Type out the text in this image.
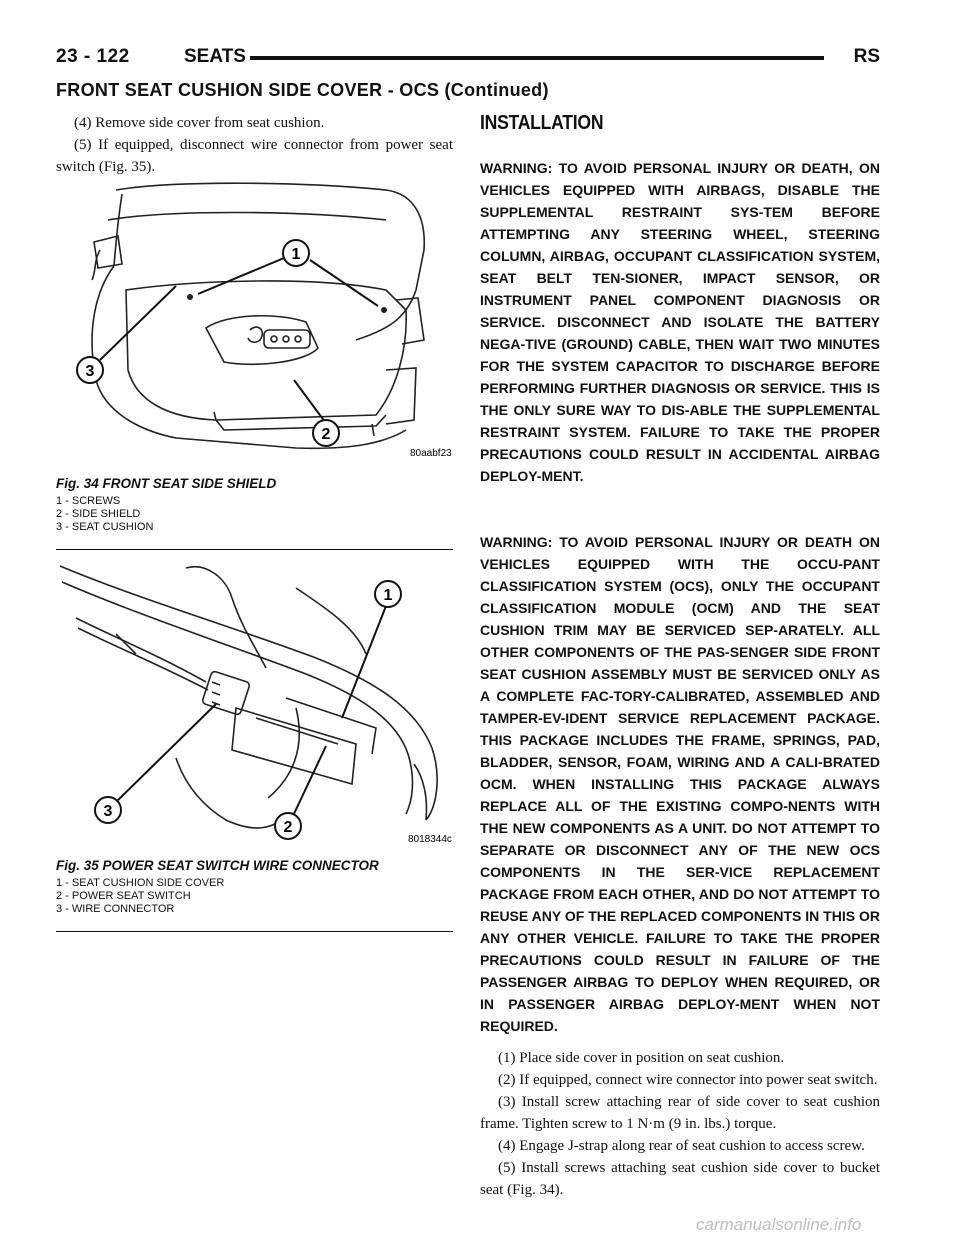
23 - 122	SEATS	RS
FRONT SEAT CUSHION SIDE COVER - OCS (Continued)

(4) Remove side cover from seat cushion.

(5) If equipped, disconnect wire connector from power seat switch (Fig. 35).

1
3
2
80aabf23

Fig. 34 FRONT SEAT SIDE SHIELD

1 - SCREWS
2 - SIDE SHIELD
3 - SEAT CUSHION
1
3
2
8018344c

Fig. 35 POWER SEAT SWITCH WIRE CONNECTOR

1 - SEAT CUSHION SIDE COVER
2 - POWER SEAT SWITCH
3 - WIRE CONNECTOR

INSTALLATION

WARNING: TO AVOID PERSONAL INJURY OR DEATH, ON VEHICLES EQUIPPED WITH AIRBAGS, DISABLE THE SUPPLEMENTAL RESTRAINT SYS-TEM BEFORE ATTEMPTING ANY STEERING WHEEL, STEERING COLUMN, AIRBAG, OCCUPANT CLASSIFICATION SYSTEM, SEAT BELT TEN-SIONER, IMPACT SENSOR, OR INSTRUMENT PANEL COMPONENT DIAGNOSIS OR SERVICE. DISCONNECT AND ISOLATE THE BATTERY NEGA-TIVE (GROUND) CABLE, THEN WAIT TWO MINUTES FOR THE SYSTEM CAPACITOR TO DISCHARGE BEFORE PERFORMING FURTHER DIAGNOSIS OR SERVICE. THIS IS THE ONLY SURE WAY TO DIS-ABLE THE SUPPLEMENTAL RESTRAINT SYSTEM. FAILURE TO TAKE THE PROPER PRECAUTIONS COULD RESULT IN ACCIDENTAL AIRBAG DEPLOY-MENT.

WARNING: TO AVOID PERSONAL INJURY OR DEATH ON VEHICLES EQUIPPED WITH THE OCCU-PANT CLASSIFICATION SYSTEM (OCS), ONLY THE OCCUPANT CLASSIFICATION MODULE (OCM) AND THE SEAT CUSHION TRIM MAY BE SERVICED SEP-ARATELY. ALL OTHER COMPONENTS OF THE PAS-SENGER SIDE FRONT SEAT CUSHION ASSEMBLY MUST BE SERVICED ONLY AS A COMPLETE FAC-TORY-CALIBRATED, ASSEMBLED AND TAMPER-EV-IDENT SERVICE REPLACEMENT PACKAGE. THIS PACKAGE INCLUDES THE FRAME, SPRINGS, PAD, BLADDER, SENSOR, FOAM, WIRING AND A CALI-BRATED OCM. WHEN INSTALLING THIS PACKAGE ALWAYS REPLACE ALL OF THE EXISTING COMPO-NENTS WITH THE NEW COMPONENTS AS A UNIT. DO NOT ATTEMPT TO SEPARATE OR DISCONNECT ANY OF THE NEW OCS COMPONENTS IN THE SER-VICE REPLACEMENT PACKAGE FROM EACH OTHER, AND DO NOT ATTEMPT TO REUSE ANY OF THE REPLACED COMPONENTS IN THIS OR ANY OTHER VEHICLE. FAILURE TO TAKE THE PROPER PRECAUTIONS COULD RESULT IN FAILURE OF THE PASSENGER AIRBAG TO DEPLOY WHEN REQUIRED, OR IN PASSENGER AIRBAG DEPLOY-MENT WHEN NOT REQUIRED.

(1) Place side cover in position on seat cushion.

(2) If equipped, connect wire connector into power seat switch.

(3) Install screw attaching rear of side cover to seat cushion frame. Tighten screw to 1 N·m (9 in. lbs.) torque.

(4) Engage J-strap along rear of seat cushion to access screw.

(5) Install screws attaching seat cushion side cover to bucket seat (Fig. 34).

carmanualsonline.info
